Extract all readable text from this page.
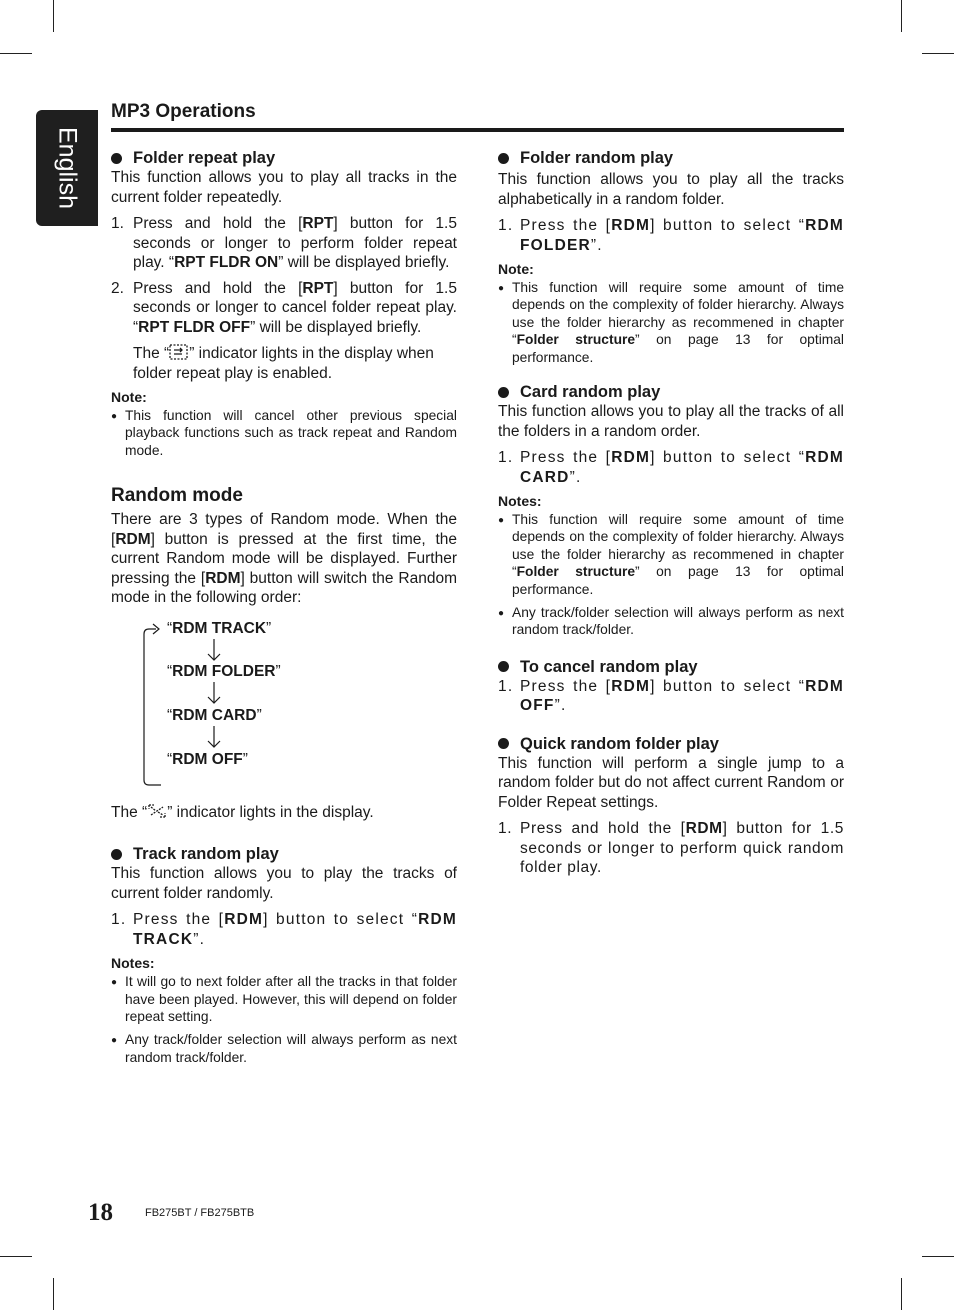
English
MP3 Operations
Folder repeat play

This function allows you to play all tracks in the current folder repeatedly.

1. Press and hold the [RPT] button for 1.5 seconds or longer to perform folder repeat play. “RPT FLDR ON” will be displayed briefly.
2. Press and hold the [RPT] button for 1.5 seconds or longer to cancel folder repeat play. “RPT FLDR OFF” will be displayed briefly.
The “ ” indicator lights in the display when folder repeat play is enabled.

Note:

● This function will cancel other previous special playback functions such as track repeat and Random mode.

Random mode

There are 3 types of Random mode. When the [RDM] button is pressed at the first time, the current Random mode will be displayed. Further pressing the [RDM] button will switch the Random mode in the following order:

“RDM TRACK”
“RDM FOLDER”
“RDM CARD”
“RDM OFF”

The “ ” indicator lights in the display.

Track random play

This function allows you to play the tracks of current folder randomly.

1. Press the [RDM] button to select “RDM TRACK”.

Notes:

● It will go to next folder after all the tracks in that folder have been played. However, this will depend on folder repeat setting.
● Any track/folder selection will always perform as next random track/folder.
Folder random play

This function allows you to play all the tracks alphabetically in a random folder.

1. Press the [RDM] button to select “RDM FOLDER”.

Note:

● This function will require some amount of time depends on the complexity of folder hierarchy. Always use the folder hierarchy as recommened in chapter “Folder structure” on page 13 for optimal performance.
Card random play

This function allows you to play all the tracks of all the folders in a random order.

1. Press the [RDM] button to select “RDM CARD”.

Notes:

● This function will require some amount of time depends on the complexity of folder hierarchy. Always use the folder hierarchy as recommened in chapter “Folder structure” on page 13 for optimal performance.
● Any track/folder selection will always perform as next random track/folder.
To cancel random play
1. Press the [RDM] button to select “RDM OFF”.
Quick random folder play

This function will perform a single jump to a random folder but do not affect current Random or Folder Repeat settings.

1. Press and hold the [RDM] button for 1.5 seconds or longer to perform quick random folder play.
18	FB275BT / FB275BTB
